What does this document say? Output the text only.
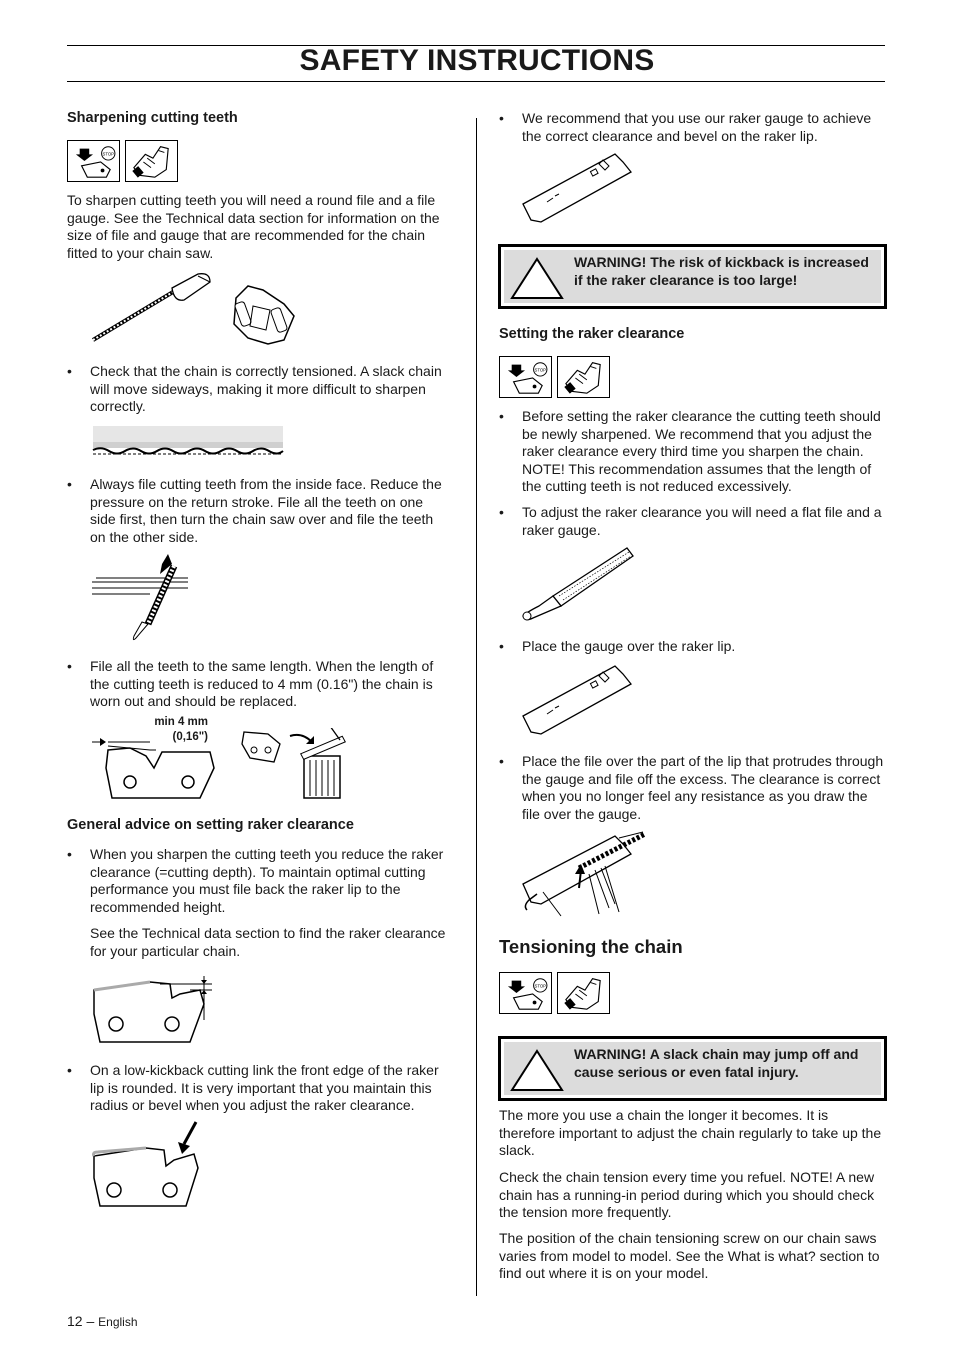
SAFETY INSTRUCTIONS
Sharpening cutting teeth
STOP

To sharpen cutting teeth you will need a round file and a file gauge. See the Technical data section for information on the size of file and gauge that are recommended for the chain fitted to your chain saw.

• Check that the chain is correctly tensioned. A slack chain will move sideways, making it more difficult to sharpen correctly.

• Always file cutting teeth from the inside face. Reduce the pressure on the return stroke. File all the teeth on one side first, then turn the chain saw over and file the teeth on the other side.

• File all the teeth to the same length. When the length of the cutting teeth is reduced to 4 mm (0.16") the chain is worn out and should be replaced.

min 4 mm
(0,16")
General advice on setting raker clearance

• When you sharpen the cutting teeth you reduce the raker clearance (=cutting depth). To maintain optimal cutting performance you must file back the raker lip to the recommended height.

See the Technical data section to find the raker clearance for your particular chain.

• On a low-kickback cutting link the front edge of the raker lip is rounded. It is very important that you maintain this radius or bevel when you adjust the raker clearance.

12 – English

• We recommend that you use our raker gauge to achieve the correct clearance and bevel on the raker lip.

WARNING! The risk of kickback is increased if the raker clearance is too large!
Setting the raker clearance
STOP

• Before setting the raker clearance the cutting teeth should be newly sharpened. We recommend that you adjust the raker clearance every third time you sharpen the chain. NOTE! This recommendation assumes that the length of the cutting teeth is not reduced excessively.

• To adjust the raker clearance you will need a flat file and a raker gauge.

• Place the gauge over the raker lip.

• Place the file over the part of the lip that protrudes through the gauge and file off the excess. The clearance is correct when you no longer feel any resistance as you draw the file over the gauge.

Tensioning the chain
STOP
WARNING! A slack chain may jump off and cause serious or even fatal injury.

The more you use a chain the longer it becomes. It is therefore important to adjust the chain regularly to take up the slack.

Check the chain tension every time you refuel. NOTE! A new chain has a running-in period during which you should check the tension more frequently.

The position of the chain tensioning screw on our chain saws varies from model to model. See the What is what? section to find out where it is on your model.
